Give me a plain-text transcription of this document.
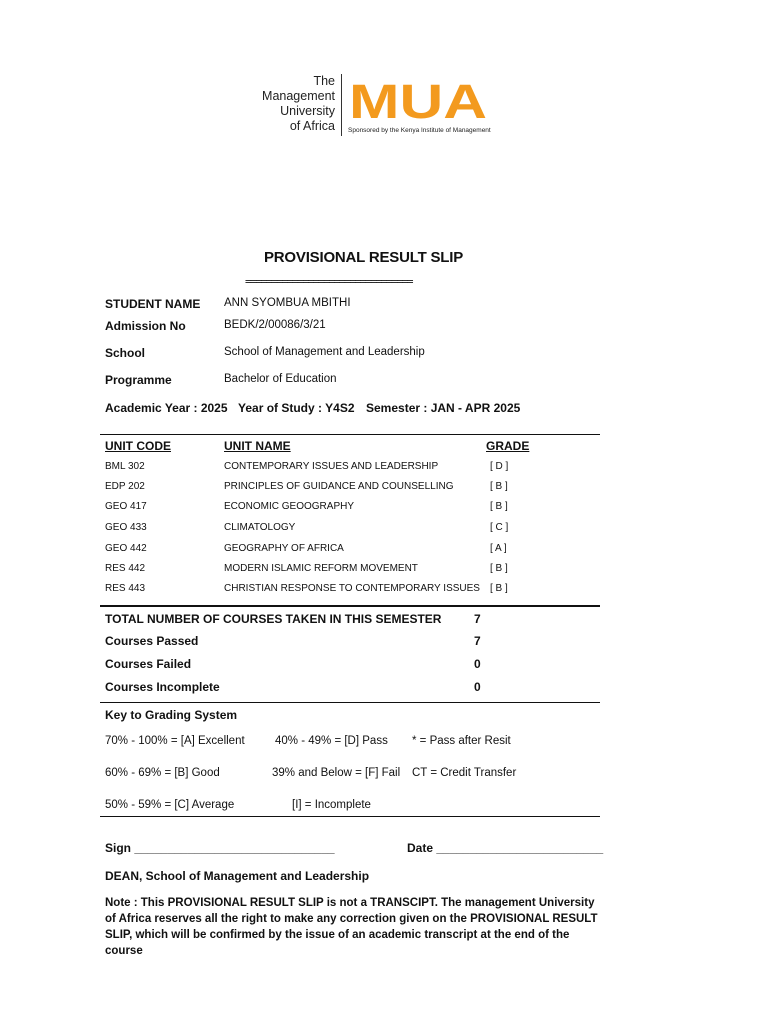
The
Management
University
of Africa MUA
Sponsored by the Kenya Institute of Management
PROVISIONAL RESULT SLIP
================================
STUDENT NAME ANN SYOMBUA MBITHI
Admission No	BEDK/2/00086/3/21
School	School of Management and Leadership
Programme	Bachelor of Education
Academic Year : 2025 Year of Study : Y4S2 Semester : JAN - APR 2025
UNIT CODE	UNIT NAME	GRADE
BML 302	CONTEMPORARY ISSUES AND LEADERSHIP	[ D ]
EDP 202	PRINCIPLES OF GUIDANCE AND COUNSELLING	[ B ]
GEO 417	ECONOMIC GEOOGRAPHY	[ B ]
GEO 433	CLIMATOLOGY	[ C ]
GEO 442	GEOGRAPHY OF AFRICA	[ A ]
RES 442	MODERN ISLAMIC REFORM MOVEMENT	[ B ]
RES 443	CHRISTIAN RESPONSE TO CONTEMPORARY ISSUES [ B ]
TOTAL NUMBER OF COURSES TAKEN IN THIS SEMESTER	7
Courses Passed	7
Courses Failed	0
Courses Incomplete	0
Key to Grading System
70% - 100% = [A] Excellent	40% - 49% = [D] Pass * = Pass after Resit
60% - 69% = [B] Good	39% and Below = [F] Fail CT = Credit Transfer
50% - 59% = [C] Average	[I] = Incomplete
Sign ______________________________	Date _________________________
DEAN, School of Management and Leadership
Note : This PROVISIONAL RESULT SLIP is not a TRANSCIPT. The management University of Africa reserves all the right to make any correction given on the PROVISIONAL RESULT SLIP, which will be confirmed by the issue of an academic transcript at the end of the course
